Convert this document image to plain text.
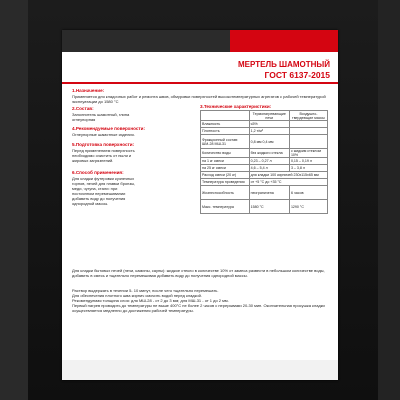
МЕРТЕЛЬ ШАМОТНЫЙ
ГОСТ 6137-2015
1.Назначение:
Применяется для кладочных работ и ремонта швов, обмуровки поверхностей высокотемпературных агрегатов с рабочей температурой эксплуатации до 1580 °С
2.Состав:
Заполнитель шамотный, глина огнеупорная
3.Технические характеристики:
4.Рекомендуемые поверхности:
Огнеупорные шамотные изделия.
5.Подготовка поверхности:
Перед применением поверхность необходимо очистить от пыли и жировых загрязнений.
6.Способ применения:
Для кладки футеровки кузнечных горнов, печей для плавки бронзы, меди, чугуна, стали: при постоянном перемешивании добавить воду до получения однородной массы.
	Термонагревающие печи	Воздушно-твердеющие массы
Влажность	≤5%	
Плотность	1,2 т/м³	
Фракционный состав: ШМ-28 МШ-31	0,8 мм 0,4 мм	
Количество воды	без жидкого стекла	с жидким стеклом 10%
на 1 кг смеси	0,23 – 0,27 л	0,15 – 0,19 л
на 25 кг смеси	4,6 – 5,4 л	3 – 3,8 л
Расход смеси (20 кг)	для кладки 100 кирпичей 230х115х65 мм	
Температура проведения	от +5 °С до +35 °С	
Жизнеспособность	неограничена	6 часов
Макс. температура	1580 °С	1290 °С
Для кладки бытовых печей (печи, камины, сауны): жидкое стекло в количестве 10% от замеса развести в небольшом количестве воды, добавить в смесь и тщательно перемешивая добавить воду до получения однородной массы.
Раствор выдержать в течении 5- 10 минут, после чего тщательно перемешать.
Для обеспечения плотного шва кирпич смочить водой перед кладкой.
Рекомендуемая толщина слоя: для МШ-28 - от 2 до 3 мм; для МШ-31 - от 1 до 2 мм.
Первый нагрев проводить до температуры не выше 400°С не более 2 часов с перерывами 20-30 мин. Окончательная просушка кладки осуществляется медленно до достижения рабочей температуры.
